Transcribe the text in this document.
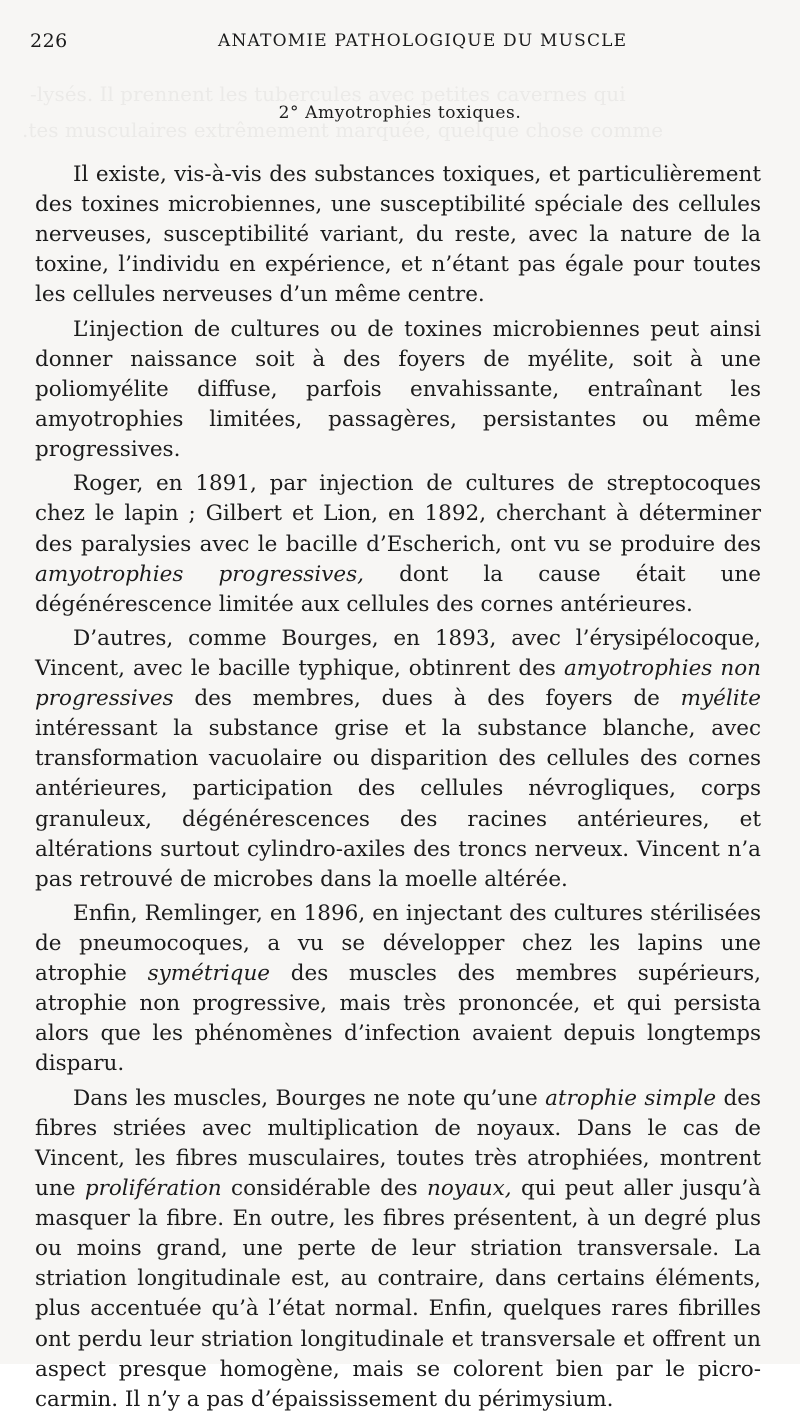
-lysés. Il prennent les tubercules avec petites cavernes qui
.tes musculaires extrêmement marquée, quelque chose comme
226	ANATOMIE PATHOLOGIQUE DU MUSCLE
2° Amyotrophies toxiques.

Il existe, vis-à-vis des substances toxiques, et particulièrement des toxines microbiennes, une susceptibilité spéciale des cellules nerveuses, susceptibilité variant, du reste, avec la nature de la toxine, l’individu en expérience, et n’étant pas égale pour toutes les cellules nerveuses d’un même centre.

L’injection de cultures ou de toxines microbiennes peut ainsi donner naissance soit à des foyers de myélite, soit à une poliomyélite diffuse, parfois envahissante, entraînant les amyotrophies limitées, passagères, persistantes ou même progressives.

Roger, en 1891, par injection de cultures de streptocoques chez le lapin ; Gilbert et Lion, en 1892, cherchant à déterminer des paralysies avec le bacille d’Escherich, ont vu se produire des amyotrophies progressives, dont la cause était une dégénérescence limitée aux cellules des cornes antérieures.

D’autres, comme Bourges, en 1893, avec l’érysipélocoque, Vincent, avec le bacille typhique, obtinrent des amyotrophies non progressives des membres, dues à des foyers de myélite intéressant la substance grise et la substance blanche, avec transformation vacuolaire ou disparition des cellules des cornes antérieures, participation des cellules névrogliques, corps granuleux, dégénérescences des racines antérieures, et altérations surtout cylindro-axiles des troncs nerveux. Vincent n’a pas retrouvé de microbes dans la moelle altérée.

Enfin, Remlinger, en 1896, en injectant des cultures stérilisées de pneumocoques, a vu se développer chez les lapins une atrophie symétrique des muscles des membres supérieurs, atrophie non progressive, mais très prononcée, et qui persista alors que les phénomènes d’infection avaient depuis longtemps disparu.

Dans les muscles, Bourges ne note qu’une atrophie simple des fibres striées avec multiplication de noyaux. Dans le cas de Vincent, les fibres musculaires, toutes très atrophiées, montrent une prolifération considérable des noyaux, qui peut aller jusqu’à masquer la fibre. En outre, les fibres présentent, à un degré plus ou moins grand, une perte de leur striation transversale. La striation longitudinale est, au contraire, dans certains éléments, plus accentuée qu’à l’état normal. Enfin, quelques rares fibrilles ont perdu leur striation longitudinale et transversale et offrent un aspect presque homogène, mais se colorent bien par le picro-carmin. Il n’y a pas d’épaississement du périmysium.
